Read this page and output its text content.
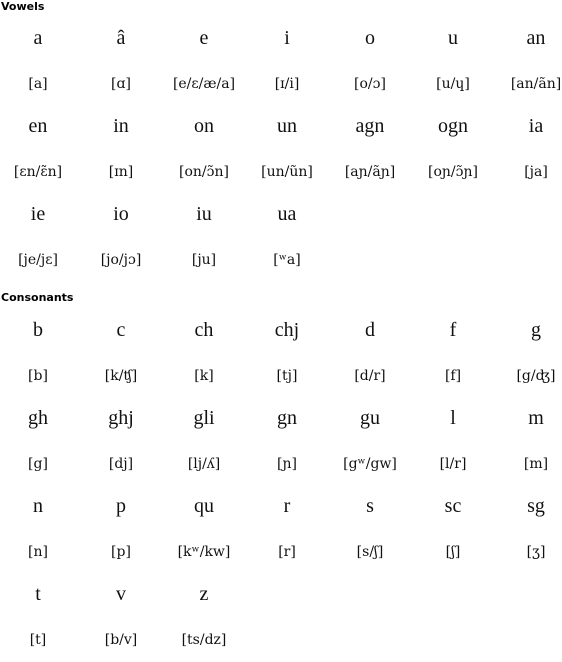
Vowels
a	â	e	i	o	u	an
[a]	[ɑ]	[e/ɛ/æ/a]	[ɪ/i]	[o/ɔ]	[u/ɥ]	[an/ãn]
en	in	on	un	agn	ogn	ia
[ɛn/ɛ̃n]	[ɪn]	[on/ɔ̃n]	[un/ũn]	[aɲ/ãɲ]	[oɲ/ɔ̃ɲ]	[ja]
ie	io	iu	ua
[je/jɛ]	[jo/jɔ]	[ju]	[ʷa]
Consonants
b	c	ch	chj	d	f	g
[b]	[k/ʧ]	[k]	[tj]	[d/r]	[f]	[g/ʤ]
gh	ghj	gli	gn	gu	l	m
[g]	[dj]	[lj/ʎ]	[ɲ]	[gʷ/gw]	[l/r]	[m]
n	p	qu	r	s	sc	sg
[n]	[p]	[kʷ/kw]	[r]	[s/ʃ]	[ʃ]	[ʒ]
t	v	z
[t]	[b/v]	[ts/dz]
